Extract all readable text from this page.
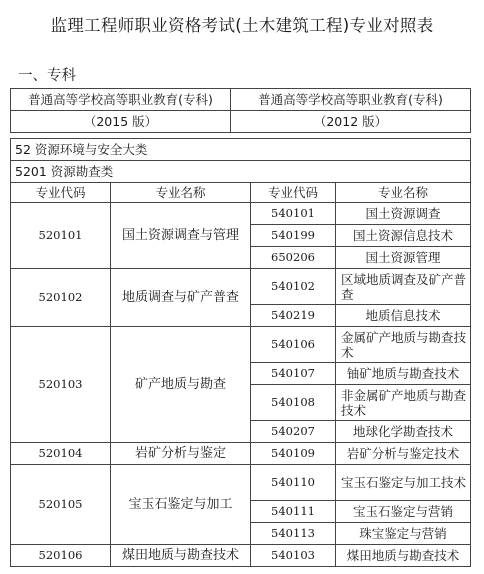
监理工程师职业资格考试(土木建筑工程)专业对照表
一、专科
普通高等学校高等职业教育(专科)	普通高等学校高等职业教育(专科)
（2015 版）	（2012 版）
52 资源环境与安全大类			
5201 资源勘查类			
专业代码	专业名称	专业代码	专业名称
520101	国土资源调查与管理	540101	国土资源调查
		540199	国土资源信息技术
		650206	国土资源管理
520102	地质调查与矿产普查	540102	区域地质调查及矿产普查
		540219	地质信息技术
520103	矿产地质与勘查	540106	金属矿产地质与勘查技术
		540107	铀矿地质与勘查技术
		540108	非金属矿产地质与勘查技术
		540207	地球化学勘查技术
520104	岩矿分析与鉴定	540109	岩矿分析与鉴定技术
520105	宝玉石鉴定与加工	540110	宝玉石鉴定与加工技术
		540111	宝玉石鉴定与营销
		540113	珠宝鉴定与营销
520106	煤田地质与勘查技术	540103	煤田地质与勘查技术
